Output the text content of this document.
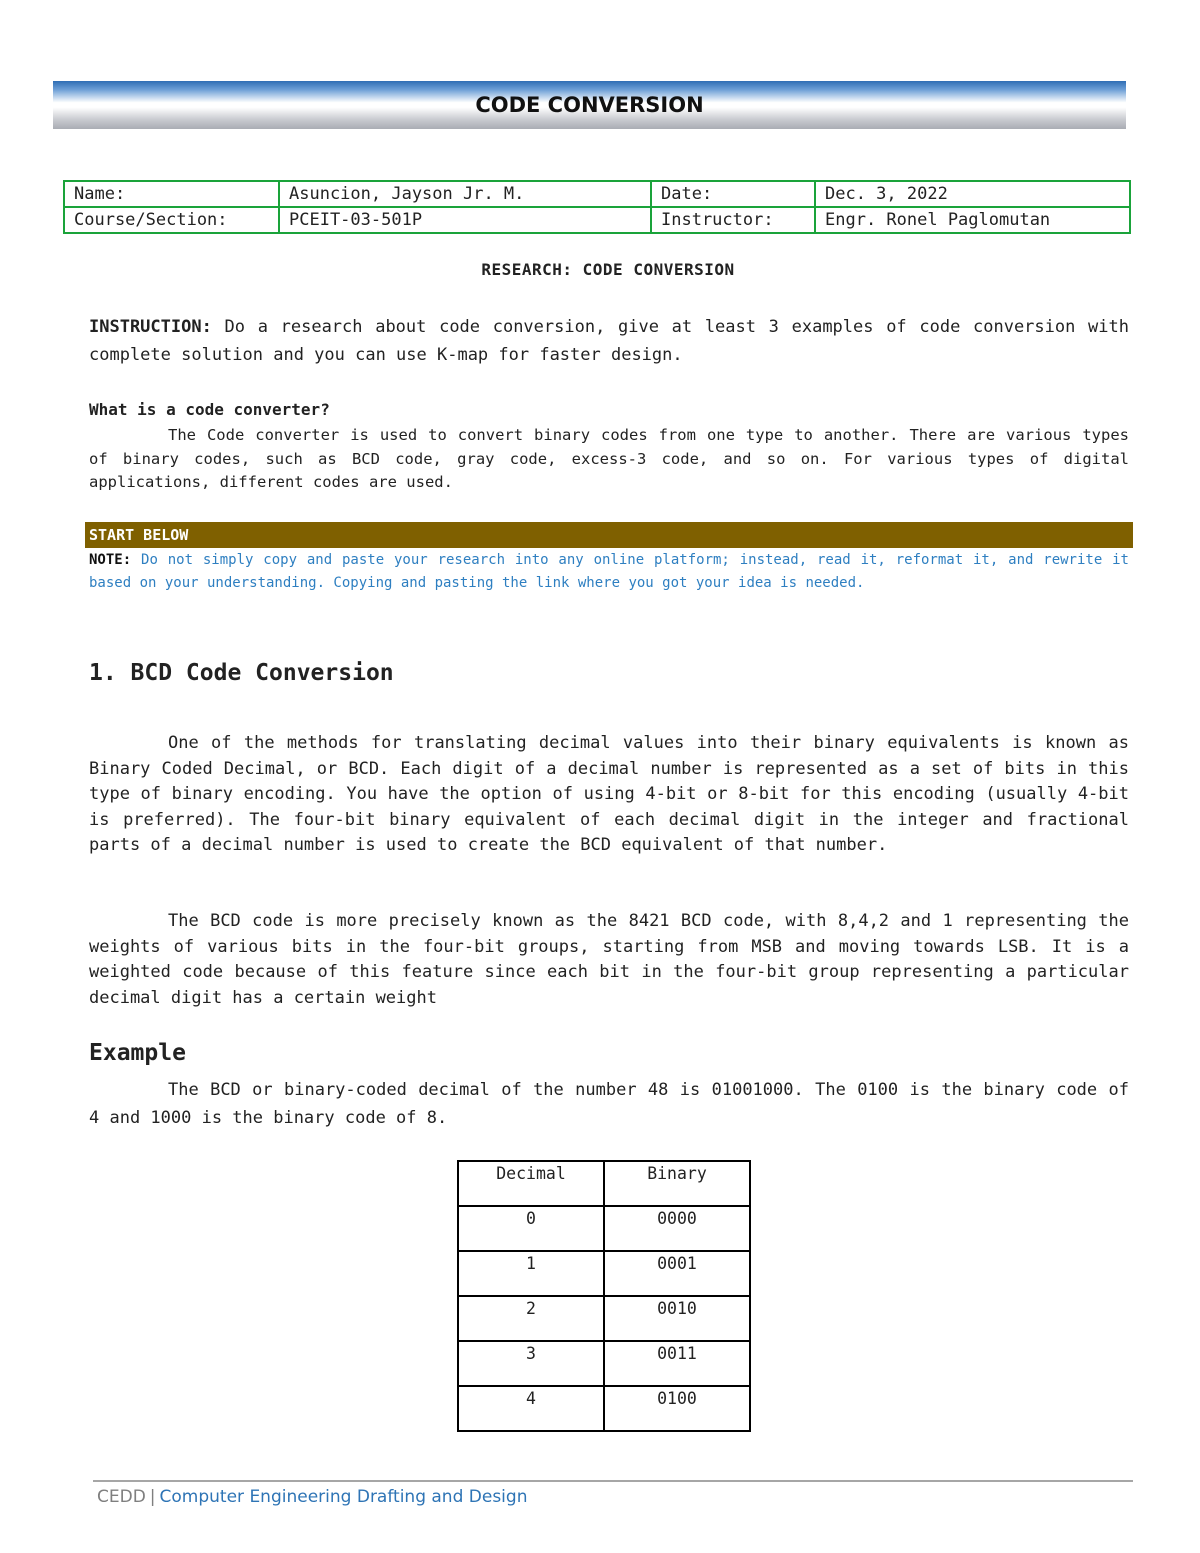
CODE CONVERSION
Name:	Asuncion, Jayson Jr. M.	Date:	Dec. 3, 2022
Course/Section:	PCEIT-03-501P	Instructor:	Engr. Ronel Paglomutan
RESEARCH: CODE CONVERSION
INSTRUCTION: Do a research about code conversion, give at least 3 examples of code conversion with complete solution and you can use K-map for faster design.
What is a code converter?
The Code converter is used to convert binary codes from one type to another. There are various types of binary codes, such as BCD code, gray code, excess-3 code, and so on. For various types of digital applications, different codes are used.
START BELOW
NOTE: Do not simply copy and paste your research into any online platform; instead, read it, reformat it, and rewrite it based on your understanding. Copying and pasting the link where you got your idea is needed.
1. BCD Code Conversion
One of the methods for translating decimal values into their binary equivalents is known as Binary Coded Decimal, or BCD. Each digit of a decimal number is represented as a set of bits in this type of binary encoding. You have the option of using 4-bit or 8-bit for this encoding (usually 4-bit is preferred). The four-bit binary equivalent of each decimal digit in the integer and fractional parts of a decimal number is used to create the BCD equivalent of that number.
The BCD code is more precisely known as the 8421 BCD code, with 8,4,2 and 1 representing the weights of various bits in the four-bit groups, starting from MSB and moving towards LSB. It is a weighted code because of this feature since each bit in the four-bit group representing a particular decimal digit has a certain weight
Example
The BCD or binary-coded decimal of the number 48 is 01001000. The 0100 is the binary code of 4 and 1000 is the binary code of 8.
Decimal	Binary
0	0000
1	0001
2	0010
3	0011
4	0100
CEDD | Computer Engineering Drafting and Design
